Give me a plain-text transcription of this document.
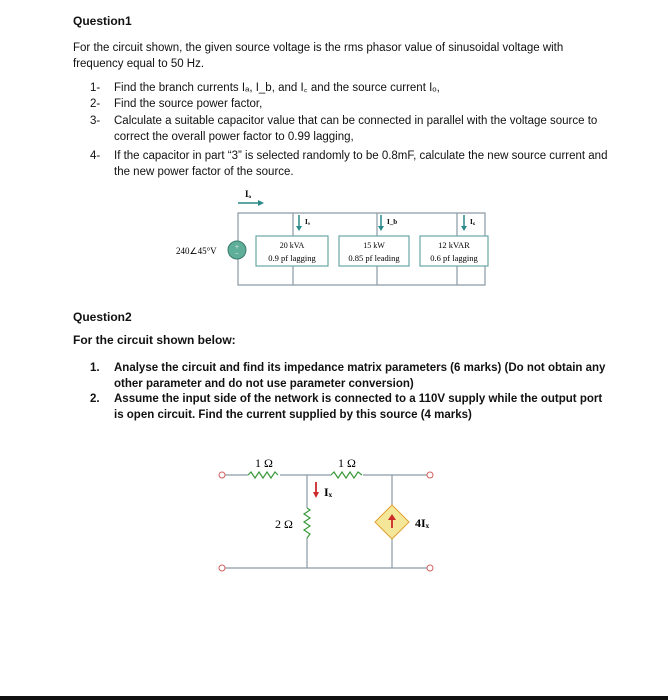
Question1
For the circuit shown, the given source voltage is the rms phasor value of sinusoidal voltage with frequency equal to 50 Hz.
1- Find the branch currents Iₐ, I_b, and I꜀ and the source current Iₒ,
2- Find the source power factor,
3- Calculate a suitable capacitor value that can be connected in parallel with the voltage source to correct the overall power factor to 0.99 lagging,
4- If the capacitor in part “3” is selected randomly to be 0.8mF, calculate the new source current and the new power factor of the source.
+
−
240∠45°V
Iₒ
Iₐ	I_b	I꜀
20 kVA
0.9 pf lagging
15 kW
0.85 pf leading
12 kVAR
0.6 pf lagging
Iₓ
1 Ω	1 Ω
2 Ω	4Iₓ
Question2
For the circuit shown below:
1. Analyse the circuit and find its impedance matrix parameters (6 marks) (Do not obtain any other parameter and do not use parameter conversion)
2. Assume the input side of the network is connected to a 110V supply while the output port is open circuit. Find the current supplied by this source (4 marks)
